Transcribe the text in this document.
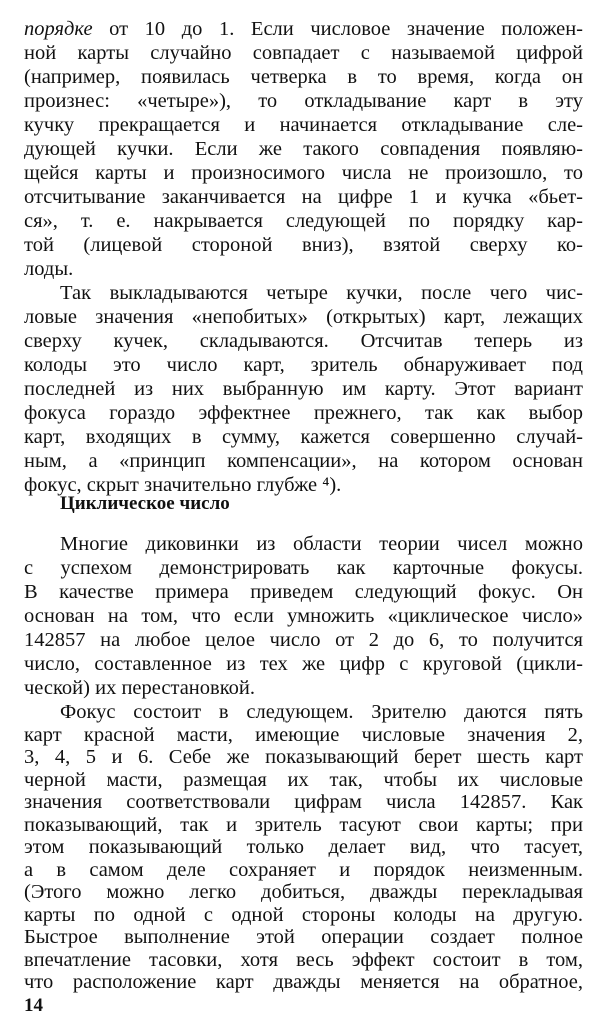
порядке от 10 до 1. Если числовое значение положен-
ной карты случайно совпадает с называемой цифрой
(например, появилась четверка в то время, когда он
произнес: «четыре»), то откладывание карт в эту
кучку прекращается и начинается откладывание сле-
дующей кучки. Если же такого совпадения появляю-
щейся карты и произносимого числа не произошло, то
отсчитывание заканчивается на цифре 1 и кучка «бьет-
ся», т. е. накрывается следующей по порядку кар-
той (лицевой стороной вниз), взятой сверху ко-
лоды.
Так выкладываются четыре кучки, после чего чис-
ловые значения «непобитых» (открытых) карт, лежащих
сверху кучек, складываются. Отсчитав теперь из
колоды это число карт, зритель обнаруживает под
последней из них выбранную им карту. Этот вариант
фокуса гораздо эффектнее прежнего, так как выбор
карт, входящих в сумму, кажется совершенно случай-
ным, а «принцип компенсации», на котором основан
фокус, скрыт значительно глубже ⁴).
Циклическое число
Многие диковинки из области теории чисел можно
с успехом демонстрировать как карточные фокусы.
В качестве примера приведем следующий фокус. Он
основан на том, что если умножить «циклическое число»
142857 на любое целое число от 2 до 6, то получится
число, составленное из тех же цифр с круговой (цикли-
ческой) их перестановкой.
Фокус состоит в следующем. Зрителю даются пять
карт красной масти, имеющие числовые значения 2,
3, 4, 5 и 6. Себе же показывающий берет шесть карт
черной масти, размещая их так, чтобы их числовые
значения соответствовали цифрам числа 142857. Как
показывающий, так и зритель тасуют свои карты; при
этом показывающий только делает вид, что тасует,
а в самом деле сохраняет и порядок неизменным.
(Этого можно легко добиться, дважды перекладывая
карты по одной с одной стороны колоды на другую.
Быстрое выполнение этой операции создает полное
впечатление тасовки, хотя весь эффект состоит в том,
что расположение карт дважды меняется на обратное,
14
